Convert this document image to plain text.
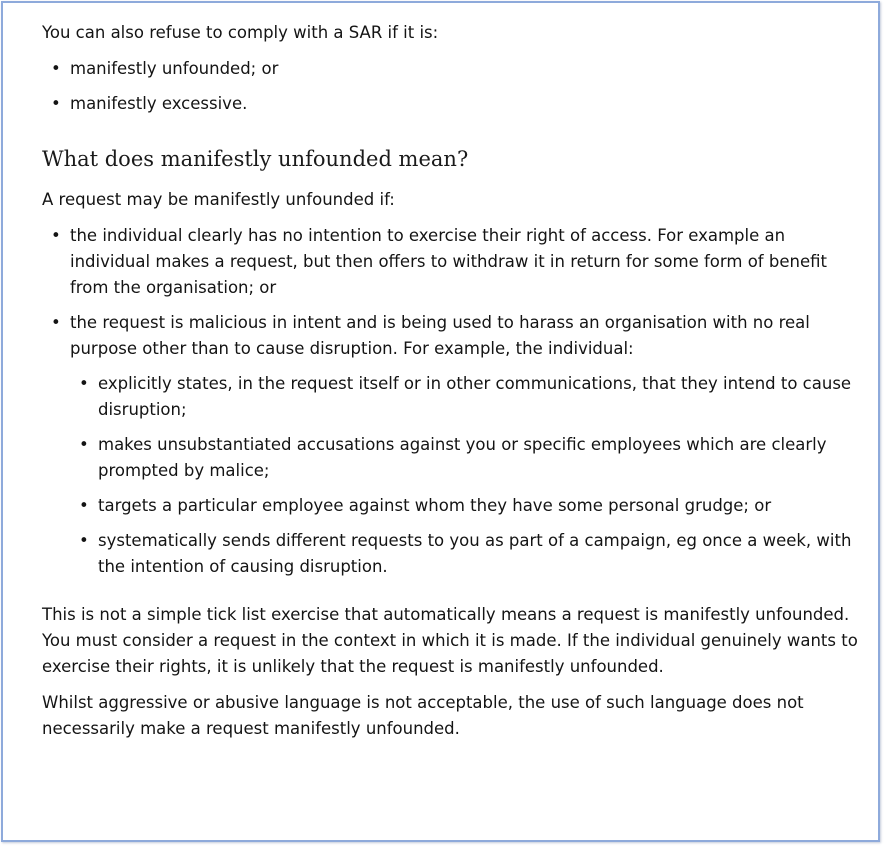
You can also refuse to comply with a SAR if it is:

• manifestly unfounded; or
• manifestly excessive.
What does manifestly unfounded mean?

A request may be manifestly unfounded if:

• the individual clearly has no intention to exercise their right of access. For example an individual makes a request, but then offers to withdraw it in return for some form of benefit from the organisation; or
• the request is malicious in intent and is being used to harass an organisation with no real purpose other than to cause disruption. For example, the individual:
• explicitly states, in the request itself or in other communications, that they intend to cause disruption;
• makes unsubstantiated accusations against you or specific employees which are clearly prompted by malice;
• targets a particular employee against whom they have some personal grudge; or
• systematically sends different requests to you as part of a campaign, eg once a week, with the intention of causing disruption.

This is not a simple tick list exercise that automatically means a request is manifestly unfounded. You must consider a request in the context in which it is made. If the individual genuinely wants to exercise their rights, it is unlikely that the request is manifestly unfounded.

Whilst aggressive or abusive language is not acceptable, the use of such language does not necessarily make a request manifestly unfounded.
